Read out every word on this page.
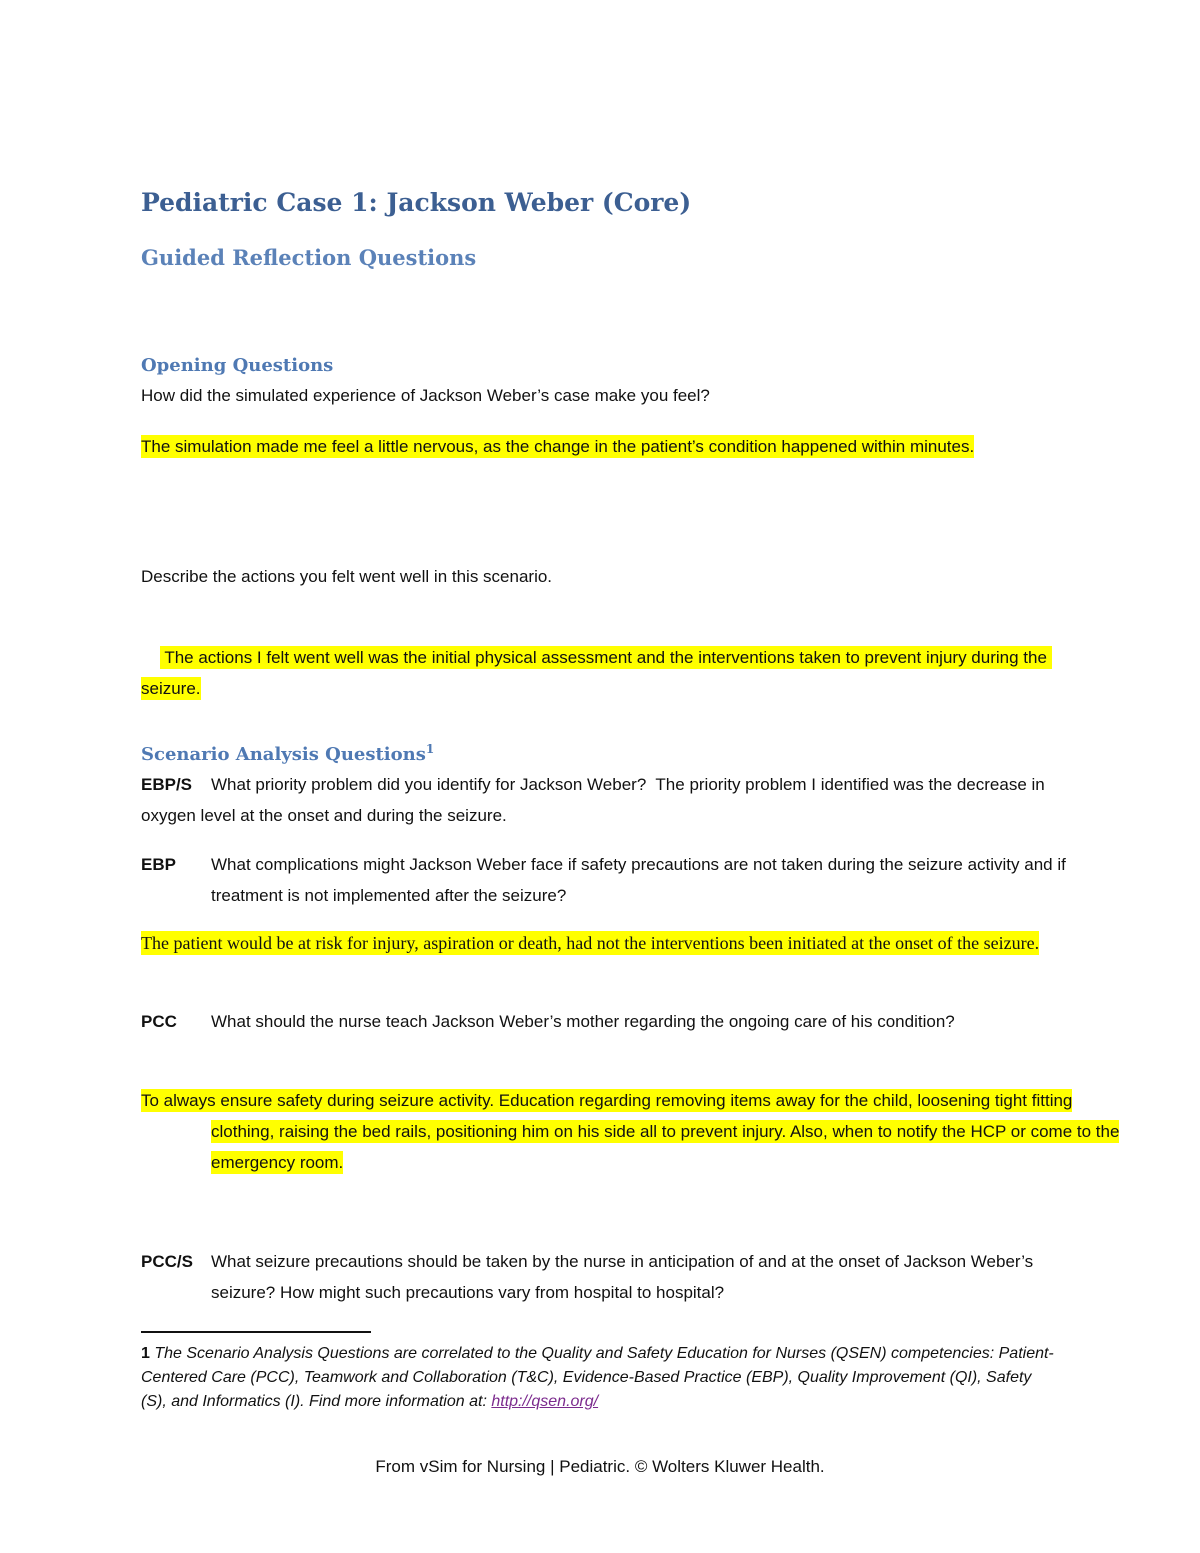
Pediatric Case 1: Jackson Weber (Core)
Guided Reflection Questions
Opening Questions
How did the simulated experience of Jackson Weber’s case make you feel?
The simulation made me feel a little nervous, as the change in the patient’s condition happened within minutes.
Describe the actions you felt went well in this scenario.

The actions I felt went well was the initial physical assessment and the interventions taken to prevent injury during the seizure.

Scenario Analysis Questions$^1$
EBP/S What priority problem did you identify for Jackson Weber? The priority problem I identified was the decrease in oxygen level at the onset and during the seizure.
EBP What complications might Jackson Weber face if safety precautions are not taken during the seizure activity and if treatment is not implemented after the seizure?
The patient would be at risk for injury, aspiration or death, had not the interventions been initiated at the onset of the seizure.
PCC What should the nurse teach Jackson Weber’s mother regarding the ongoing care of his condition?
To always ensure safety during seizure activity. Education regarding removing items away for the child, loosening tight fitting clothing, raising the bed rails, positioning him on his side all to prevent injury. Also, when to notify the HCP or come to the emergency room.
PCC/S What seizure precautions should be taken by the nurse in anticipation of and at the onset of Jackson Weber’s seizure? How might such precautions vary from hospital to hospital?
1 The Scenario Analysis Questions are correlated to the Quality and Safety Education for Nurses (QSEN) competencies: Patient-Centered Care (PCC), Teamwork and Collaboration (T&C), Evidence-Based Practice (EBP), Quality Improvement (QI), Safety (S), and Informatics (I). Find more information at: http://qsen.org/
From vSim for Nursing | Pediatric. © Wolters Kluwer Health.
